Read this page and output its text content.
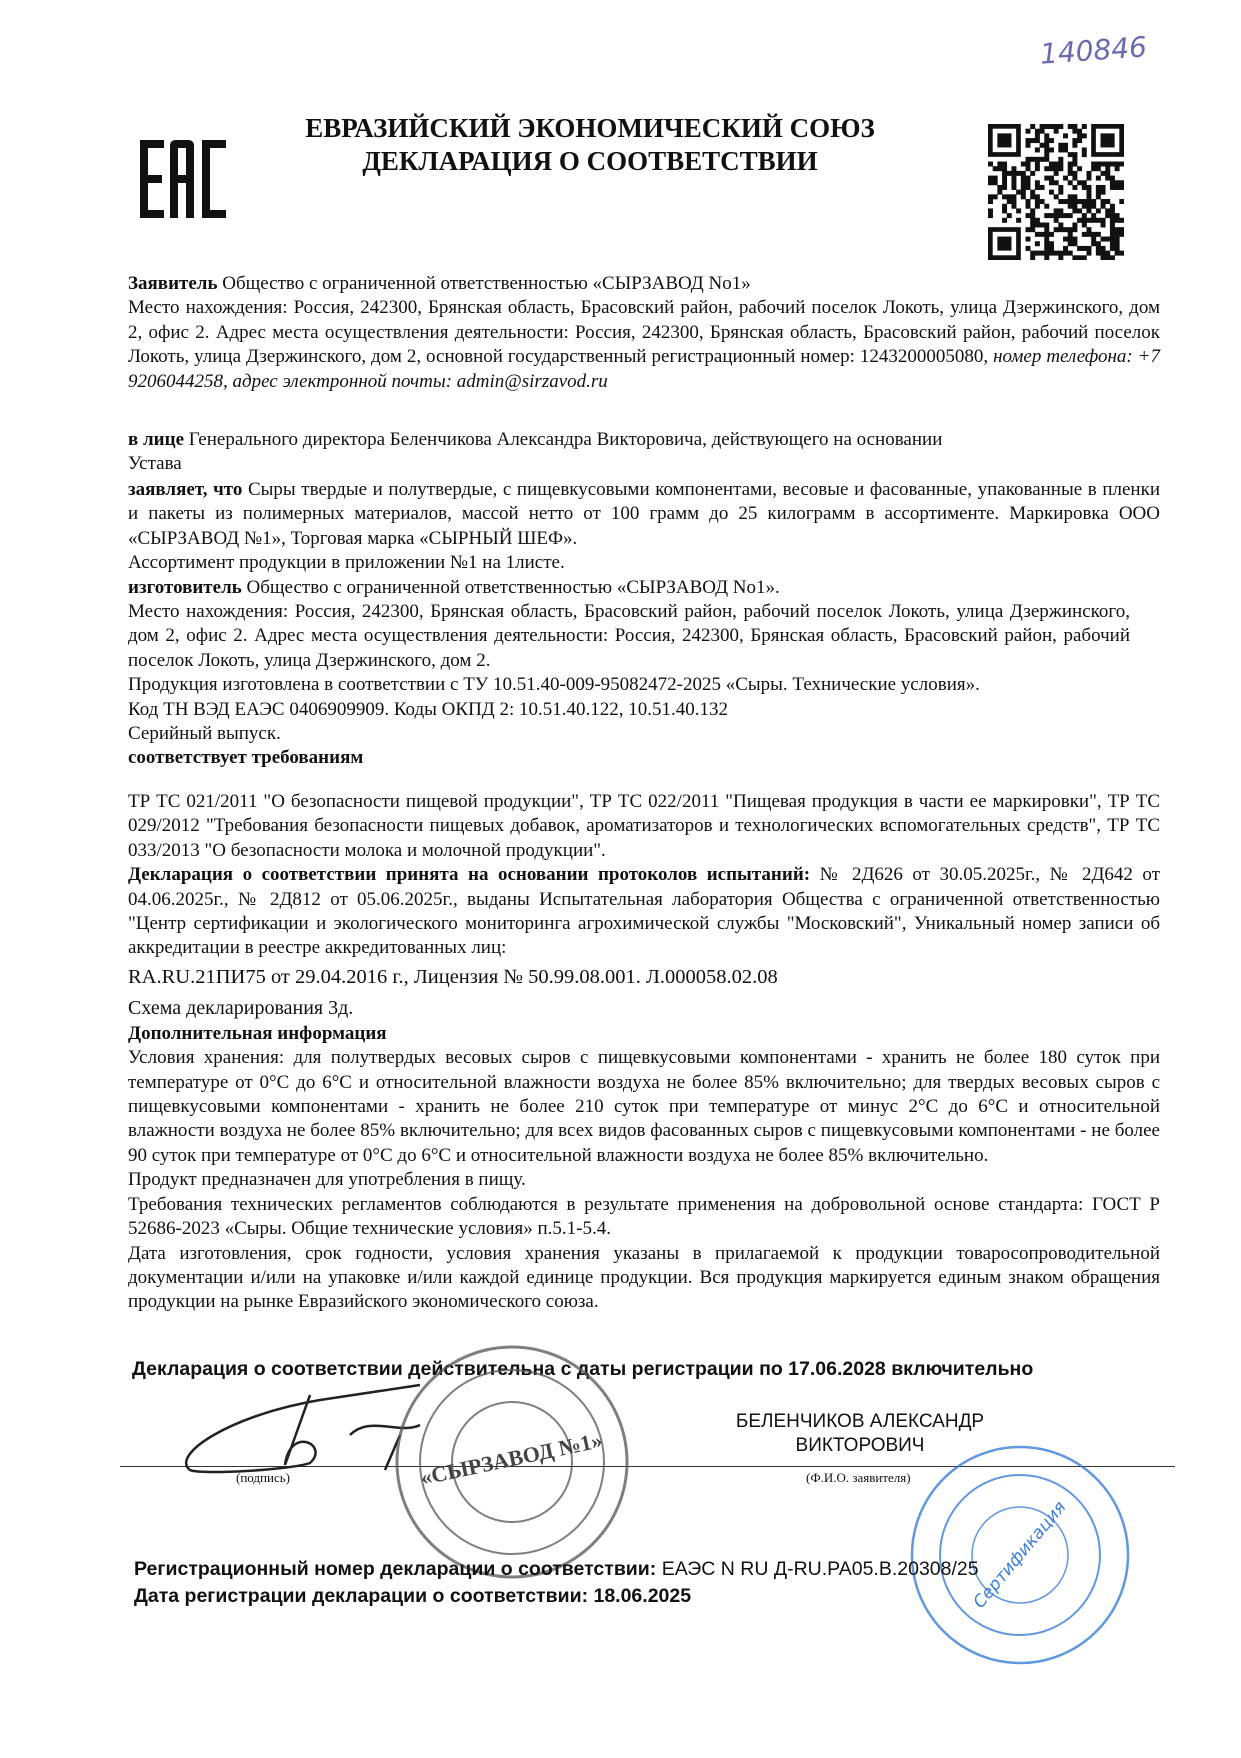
140846
ЕВРАЗИЙСКИЙ ЭКОНОМИЧЕСКИЙ СОЮЗ
ДЕКЛАРАЦИЯ О СООТВЕТСТВИИ

Заявитель Общество с ограниченной ответственностью «СЫРЗАВОД No1»

Место нахождения: Россия, 242300, Брянская область, Брасовский район, рабочий поселок Локоть, улица Дзержинского, дом 2, офис 2. Адрес места осуществления деятельности: Россия, 242300, Брянская область, Брасовский район, рабочий поселок Локоть, улица Дзержинского, дом 2, основной государственный регистрационный номер: 1243200005080, номер телефона: +7 9206044258, адрес электронной почты: admin@sirzavod.ru

в лице Генерального директора Беленчикова Александра Викторовича, действующего на основании Устава

заявляет, что Сыры твердые и полутвердые, с пищевкусовыми компонентами, весовые и фасованные, упакованные в пленки и пакеты из полимерных материалов, массой нетто от 100 грамм до 25 килограмм в ассортименте. Маркировка ООО «СЫРЗАВОД №1», Торговая марка «СЫРНЫЙ ШЕФ».

Ассортимент продукции в приложении №1 на 1листе.

изготовитель Общество с ограниченной ответственностью «СЫРЗАВОД No1».

Место нахождения: Россия, 242300, Брянская область, Брасовский район, рабочий поселок Локоть, улица Дзержинского, дом 2, офис 2. Адрес места осуществления деятельности: Россия, 242300, Брянская область, Брасовский район, рабочий поселок Локоть, улица Дзержинского, дом 2.

Продукция изготовлена в соответствии с ТУ 10.51.40-009-95082472-2025 «Сыры. Технические условия».

Код ТН ВЭД ЕАЭС 0406909909. Коды ОКПД 2: 10.51.40.122, 10.51.40.132

Серийный выпуск.

соответствует требованиям

ТР ТС 021/2011 "О безопасности пищевой продукции", ТР ТС 022/2011 "Пищевая продукция в части ее маркировки", ТР ТС 029/2012 "Требования безопасности пищевых добавок, ароматизаторов и технологических вспомогательных средств", ТР ТС 033/2013 "О безопасности молока и молочной продукции".

Декларация о соответствии принята на основании протоколов испытаний: № 2Д626 от 30.05.2025г., № 2Д642 от 04.06.2025г., № 2Д812 от 05.06.2025г., выданы Испытательная лаборатория Общества с ограниченной ответственностью "Центр сертификации и экологического мониторинга агрохимической службы "Московский", Уникальный номер записи об аккредитации в реестре аккредитованных лиц:

RA.RU.21ПИ75 от 29.04.2016 г., Лицензия № 50.99.08.001. Л.000058.02.08

Схема декларирования 3д.

Дополнительная информация

Условия хранения: для полутвердых весовых сыров с пищевкусовыми компонентами - хранить не более 180 суток при температуре от 0°С до 6°С и относительной влажности воздуха не более 85% включительно; для твердых весовых сыров с пищевкусовыми компонентами - хранить не более 210 суток при температуре от минус 2°С до 6°С и относительной влажности воздуха не более 85% включительно; для всех видов фасованных сыров с пищевкусовыми компонентами - не более 90 суток при температуре от 0°С до 6°С и относительной влажности воздуха не более 85% включительно.

Продукт предназначен для употребления в пищу.

Требования технических регламентов соблюдаются в результате применения на добровольной основе стандарта: ГОСТ Р 52686-2023 «Сыры. Общие технические условия» п.5.1-5.4.

Дата изготовления, срок годности, условия хранения указаны в прилагаемой к продукции товаросопроводительной документации и/или на упаковке и/или каждой единице продукции. Вся продукция маркируется единым знаком обращения продукции на рынке Евразийского экономического союза.

Декларация о соответствии действительна с даты регистрации по 17.06.2028 включительно
БЕЛЕНЧИКОВ АЛЕКСАНДР
ВИКТОРОВИЧ
(подпись)	(Ф.И.О. заявителя)
«СЫРЗАВОД №1»
Сертификация
Регистрационный номер декларации о соответствии: ЕАЭС N RU Д-RU.PA05.B.20308/25
Дата регистрации декларации о соответствии: 18.06.2025
